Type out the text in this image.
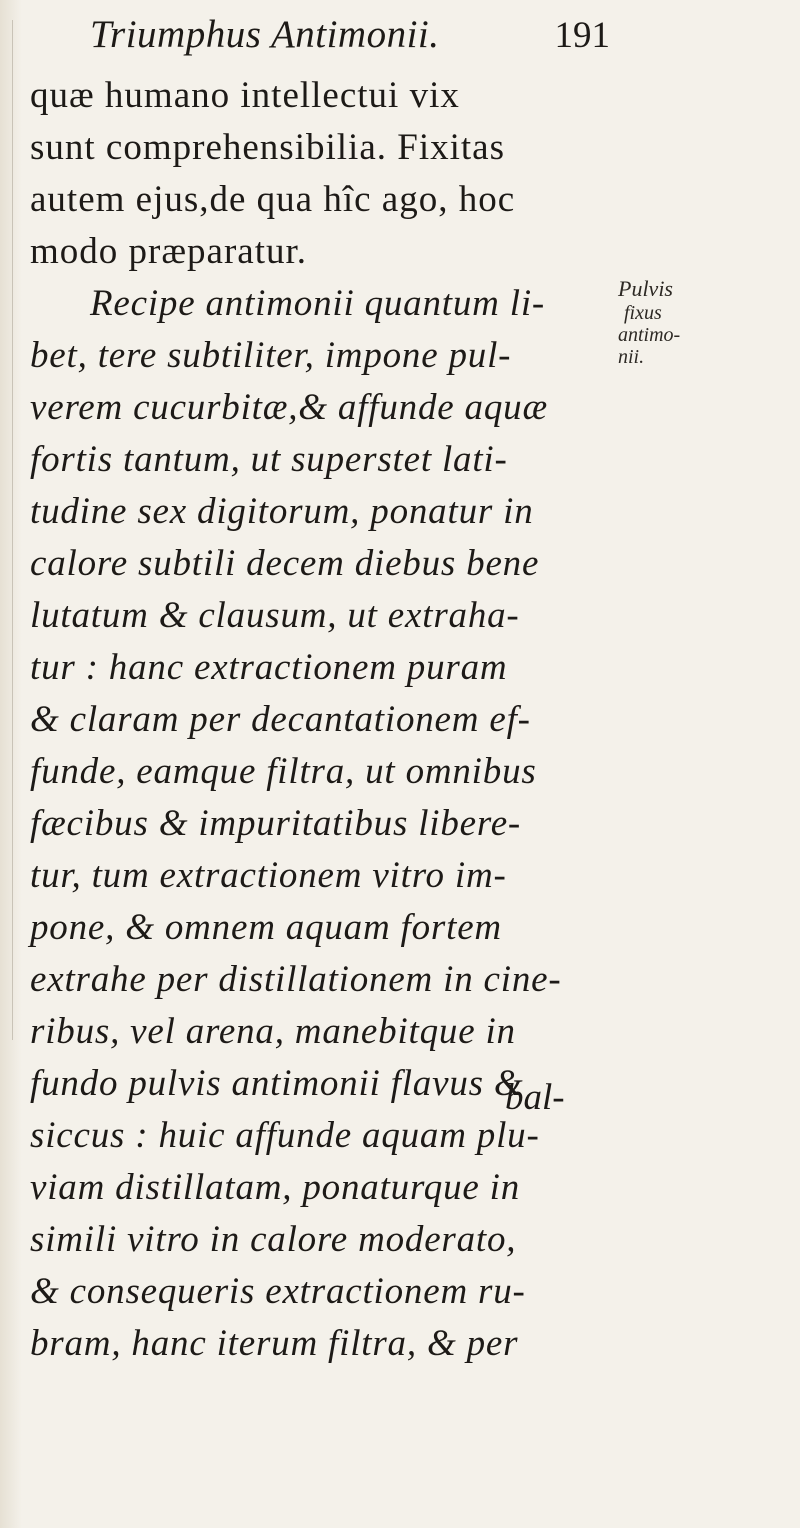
Triumphus Antimonii.	191
quæ humano intellectui vix
sunt comprehensibilia. Fixitas
autem ejus,de qua hîc ago, hoc
modo præparatur.
Recipe antimonii quantum li-
bet, tere subtiliter, impone pul-
verem cucurbitæ,& affunde aquæ
fortis tantum, ut superstet lati-
tudine sex digitorum, ponatur in
calore subtili decem diebus bene
lutatum & clausum, ut extraha-
tur : hanc extractionem puram
& claram per decantationem ef-
funde, eamque filtra, ut omnibus
fæcibus & impuritatibus libere-
tur, tum extractionem vitro im-
pone, & omnem aquam fortem
extrahe per distillationem in cine-
ribus, vel arena, manebitque in
fundo pulvis antimonii flavus &
siccus : huic affunde aquam plu-
viam distillatam, ponaturque in
simili vitro in calore moderato,
& consequeris extractionem ru-
bram, hanc iterum filtra, & per
bal-
Pulvis
fixus
antimo-
nii.
